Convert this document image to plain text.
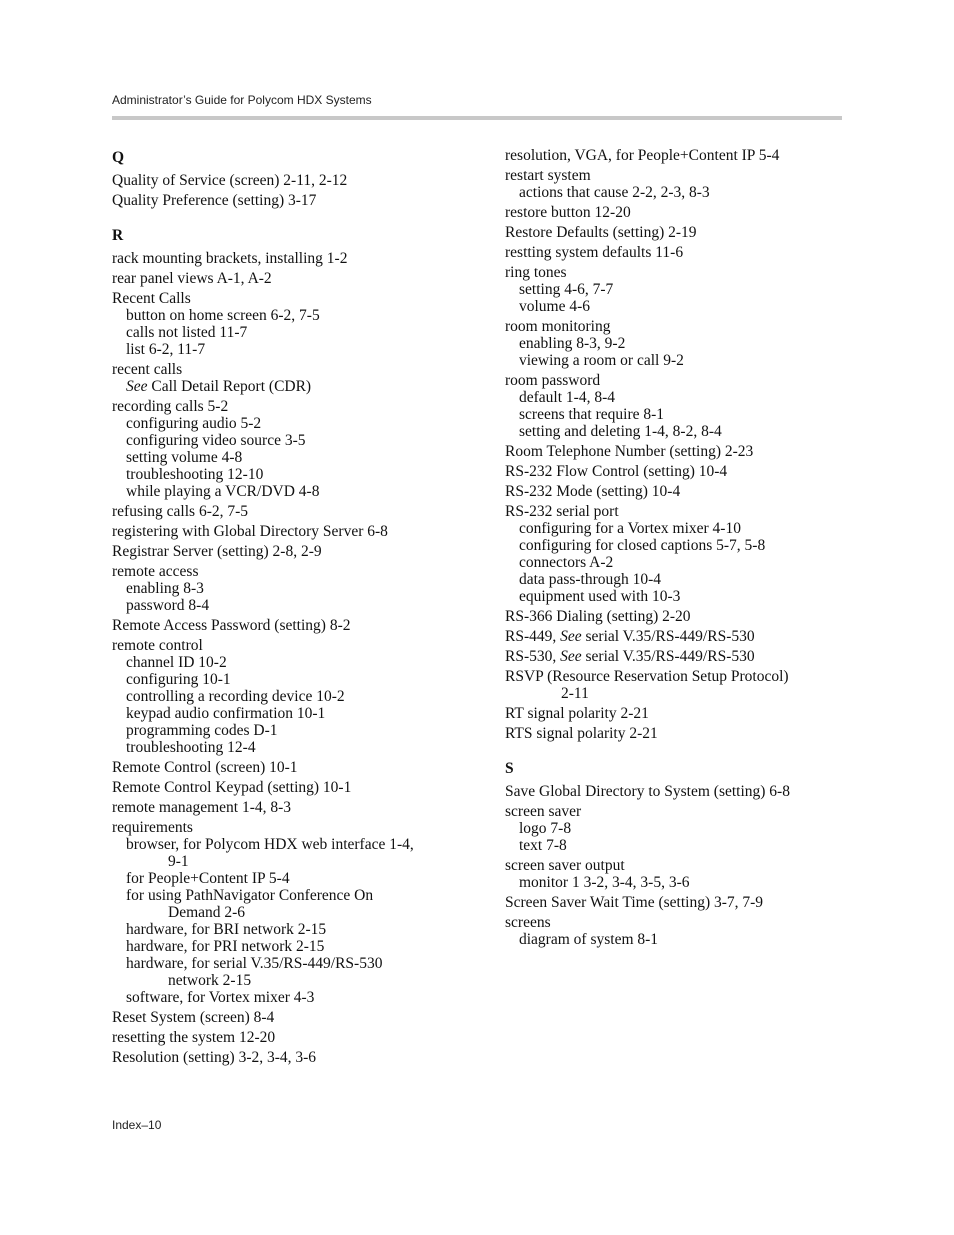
Administrator’s Guide for Polycom HDX Systems
Q
Quality of Service (screen) 2-11, 2-12
Quality Preference (setting) 3-17
R
rack mounting brackets, installing 1-2
rear panel views A-1, A-2
Recent Calls
button on home screen 6-2, 7-5
calls not listed 11-7
list 6-2, 11-7
recent calls
See Call Detail Report (CDR)
recording calls 5-2
configuring audio 5-2
configuring video source 3-5
setting volume 4-8
troubleshooting 12-10
while playing a VCR/DVD 4-8
refusing calls 6-2, 7-5
registering with Global Directory Server 6-8
Registrar Server (setting) 2-8, 2-9
remote access
enabling 8-3
password 8-4
Remote Access Password (setting) 8-2
remote control
channel ID 10-2
configuring 10-1
controlling a recording device 10-2
keypad audio confirmation 10-1
programming codes D-1
troubleshooting 12-4
Remote Control (screen) 10-1
Remote Control Keypad (setting) 10-1
remote management 1-4, 8-3
requirements
browser, for Polycom HDX web interface 1-4,
9-1
for People+Content IP 5-4
for using PathNavigator Conference On
Demand 2-6
hardware, for BRI network 2-15
hardware, for PRI network 2-15
hardware, for serial V.35/RS-449/RS-530
network 2-15
software, for Vortex mixer 4-3
Reset System (screen) 8-4
resetting the system 12-20
Resolution (setting) 3-2, 3-4, 3-6
resolution, VGA, for People+Content IP 5-4
restart system
actions that cause 2-2, 2-3, 8-3
restore button 12-20
Restore Defaults (setting) 2-19
restting system defaults 11-6
ring tones
setting 4-6, 7-7
volume 4-6
room monitoring
enabling 8-3, 9-2
viewing a room or call 9-2
room password
default 1-4, 8-4
screens that require 8-1
setting and deleting 1-4, 8-2, 8-4
Room Telephone Number (setting) 2-23
RS-232 Flow Control (setting) 10-4
RS-232 Mode (setting) 10-4
RS-232 serial port
configuring for a Vortex mixer 4-10
configuring for closed captions 5-7, 5-8
connectors A-2
data pass-through 10-4
equipment used with 10-3
RS-366 Dialing (setting) 2-20
RS-449, See serial V.35/RS-449/RS-530
RS-530, See serial V.35/RS-449/RS-530
RSVP (Resource Reservation Setup Protocol)
2-11
RT signal polarity 2-21
RTS signal polarity 2-21
S
Save Global Directory to System (setting) 6-8
screen saver
logo 7-8
text 7-8
screen saver output
monitor 1 3-2, 3-4, 3-5, 3-6
Screen Saver Wait Time (setting) 3-7, 7-9
screens
diagram of system 8-1
Index–10
